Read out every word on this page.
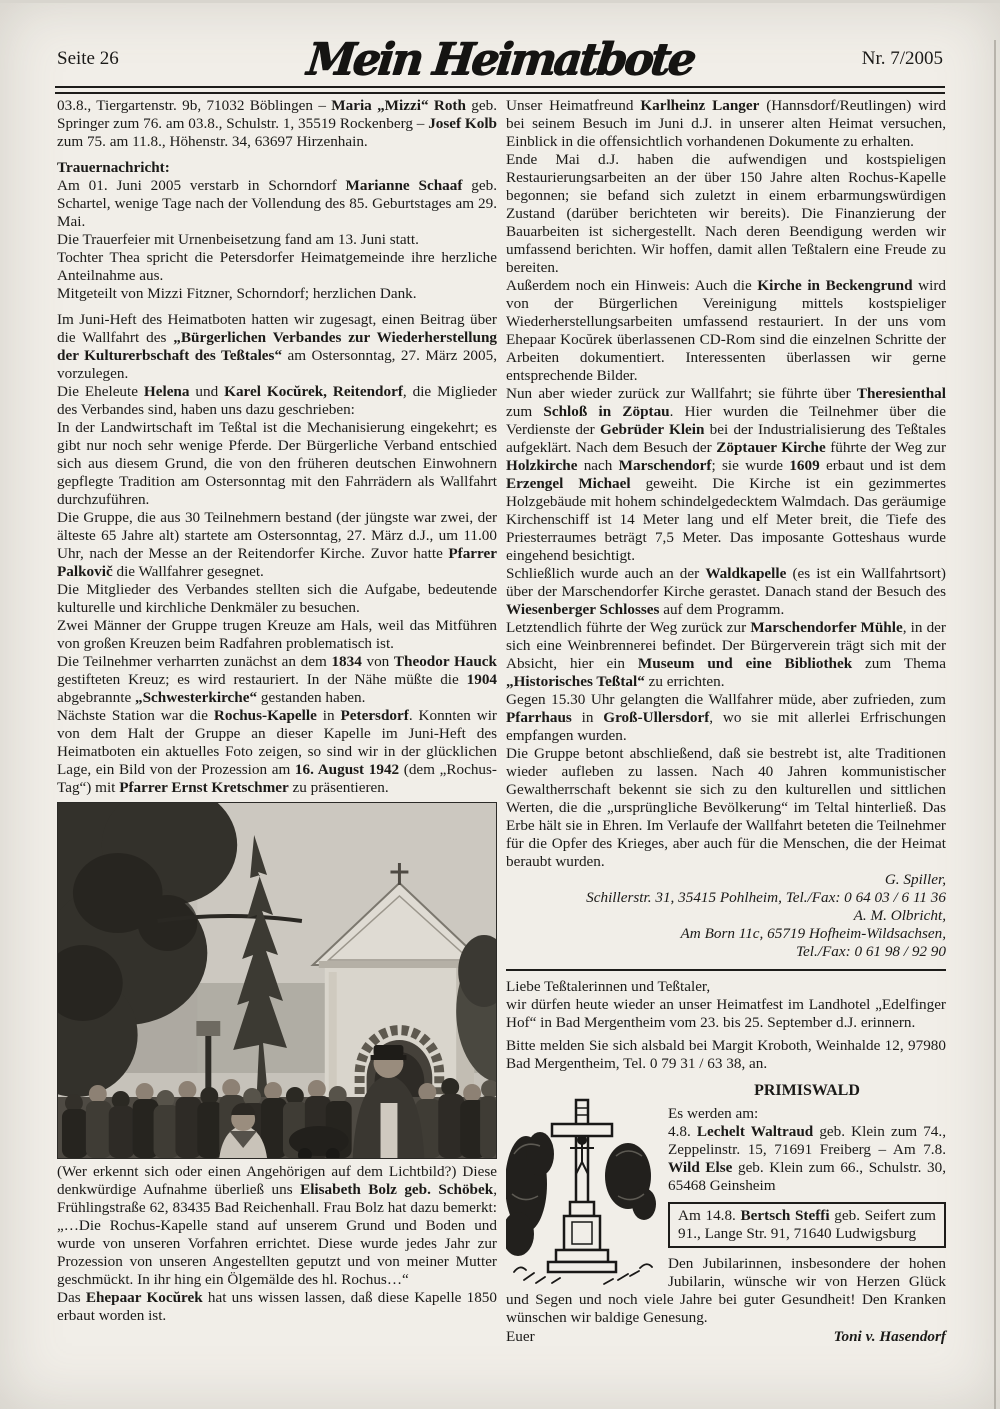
Seite 26	Mein Heimatbote	Nr. 7/2005

03.8., Tiergartenstr. 9b, 71032 Böblingen – Maria „Mizzi“ Roth geb. Springer zum 76. am 03.8., Schulstr. 1, 35519 Rockenberg – Josef Kolb zum 75. am 11.8., Höhenstr. 34, 63697 Hirzenhain.

Trauernachricht:

Am 01. Juni 2005 verstarb in Schorndorf Marianne Schaaf geb. Schartel, wenige Tage nach der Vollendung des 85. Geburtstages am 29. Mai.

Die Trauerfeier mit Urnenbeisetzung fand am 13. Juni statt.

Tochter Thea spricht die Petersdorfer Heimatgemeinde ihre herzliche Anteilnahme aus.

Mitgeteilt von Mizzi Fitzner, Schorndorf; herzlichen Dank.

Im Juni-Heft des Heimatboten hatten wir zugesagt, einen Beitrag über die Wallfahrt des „Bürgerlichen Verbandes zur Wiederherstellung der Kulturerbschaft des Teßtales“ am Ostersonntag, 27. März 2005, vorzulegen.

Die Eheleute Helena und Karel Kocŭrek, Reitendorf, die Miglieder des Verbandes sind, haben uns dazu geschrieben:

In der Landwirtschaft im Teßtal ist die Mechanisierung eingekehrt; es gibt nur noch sehr wenige Pferde. Der Bürgerliche Verband entschied sich aus diesem Grund, die von den früheren deutschen Einwohnern gepflegte Tradition am Ostersonntag mit den Fahrrädern als Wallfahrt durchzuführen.

Die Gruppe, die aus 30 Teilnehmern bestand (der jüngste war zwei, der älteste 65 Jahre alt) startete am Ostersonntag, 27. März d.J., um 11.00 Uhr, nach der Messe an der Reitendorfer Kirche. Zuvor hatte Pfarrer Palkovič die Wallfahrer gesegnet.

Die Mitglieder des Verbandes stellten sich die Aufgabe, bedeutende kulturelle und kirchliche Denkmäler zu besuchen.

Zwei Männer der Gruppe trugen Kreuze am Hals, weil das Mitführen von großen Kreuzen beim Radfahren problematisch ist.

Die Teilnehmer verharrten zunächst an dem 1834 von Theodor Hauck gestifteten Kreuz; es wird restauriert. In der Nähe müßte die 1904 abgebrannte „Schwesterkirche“ gestanden haben.

Nächste Station war die Rochus-Kapelle in Petersdorf. Konnten wir von dem Halt der Gruppe an dieser Kapelle im Juni-Heft des Heimatboten ein aktuelles Foto zeigen, so sind wir in der glücklichen Lage, ein Bild von der Prozession am 16. August 1942 (dem „Rochus-Tag“) mit Pfarrer Ernst Kretschmer zu präsentieren.

(Wer erkennt sich oder einen Angehörigen auf dem Lichtbild?) Diese denkwürdige Aufnahme überließ uns Elisabeth Bolz geb. Schöbek, Frühlingstraße 62, 83435 Bad Reichenhall. Frau Bolz hat dazu bemerkt: „…Die Rochus-Kapelle stand auf unserem Grund und Boden und wurde von unseren Vorfahren errichtet. Diese wurde jedes Jahr zur Prozession von unseren Angestellten geputzt und von meiner Mutter geschmückt. In ihr hing ein Ölgemälde des hl. Rochus…“

Das Ehepaar Kocŭrek hat uns wissen lassen, daß diese Kapelle 1850 erbaut worden ist.

Unser Heimatfreund Karlheinz Langer (Hannsdorf/Reutlingen) wird bei seinem Besuch im Juni d.J. in unserer alten Heimat versuchen, Einblick in die offensichtlich vorhandenen Dokumente zu erhalten.

Ende Mai d.J. haben die aufwendigen und kostspieligen Restaurierungsarbeiten an der über 150 Jahre alten Rochus-Kapelle begonnen; sie befand sich zuletzt in einem erbarmungswürdigen Zustand (darüber berichteten wir bereits). Die Finanzierung der Bauarbeiten ist sichergestellt. Nach deren Beendigung werden wir umfassend berichten. Wir hoffen, damit allen Teßtalern eine Freude zu bereiten.

Außerdem noch ein Hinweis: Auch die Kirche in Beckengrund wird von der Bürgerlichen Vereinigung mittels kostspieliger Wiederherstellungsarbeiten umfassend restauriert. In der uns vom Ehepaar Kocŭrek überlassenen CD-Rom sind die einzelnen Schritte der Arbeiten dokumentiert. Interessenten überlassen wir gerne entsprechende Bilder.

Nun aber wieder zurück zur Wallfahrt; sie führte über Theresienthal zum Schloß in Zöptau. Hier wurden die Teilnehmer über die Verdienste der Gebrüder Klein bei der Industrialisierung des Teßtales aufgeklärt. Nach dem Besuch der Zöptauer Kirche führte der Weg zur Holzkirche nach Marschendorf; sie wurde 1609 erbaut und ist dem Erzengel Michael geweiht. Die Kirche ist ein gezimmertes Holzgebäude mit hohem schindelgedecktem Walmdach. Das geräumige Kirchenschiff ist 14 Meter lang und elf Meter breit, die Tiefe des Priesterraumes beträgt 7,5 Meter. Das imposante Gotteshaus wurde eingehend besichtigt.

Schließlich wurde auch an der Waldkapelle (es ist ein Wallfahrtsort) über der Marschendorfer Kirche gerastet. Danach stand der Besuch des Wiesenberger Schlosses auf dem Programm.

Letztendlich führte der Weg zurück zur Marschendorfer Mühle, in der sich eine Weinbrennerei befindet. Der Bürgerverein trägt sich mit der Absicht, hier ein Museum und eine Bibliothek zum Thema „Historisches Teßtal“ zu errichten.

Gegen 15.30 Uhr gelangten die Wallfahrer müde, aber zufrieden, zum Pfarrhaus in Groß-Ullersdorf, wo sie mit allerlei Erfrischungen empfangen wurden.

Die Gruppe betont abschließend, daß sie bestrebt ist, alte Traditionen wieder aufleben zu lassen. Nach 40 Jahren kommunistischer Gewaltherrschaft bekennt sie sich zu den kulturellen und sittlichen Werten, die die „ursprüngliche Bevölkerung“ im Teltal hinterließ. Das Erbe hält sie in Ehren. Im Verlaufe der Wallfahrt beteten die Teilnehmer für die Opfer des Krieges, aber auch für die Menschen, die der Heimat beraubt wurden.

G. Spiller,

Schillerstr. 31, 35415 Pohlheim, Tel./Fax: 0 64 03 / 6 11 36

A. M. Olbricht,

Am Born 11c, 65719 Hofheim-Wildsachsen,

Tel./Fax: 0 61 98 / 92 90

Liebe Teßtalerinnen und Teßtaler,

wir dürfen heute wieder an unser Heimatfest im Landhotel „Edelfinger Hof“ in Bad Mergentheim vom 23. bis 25. September d.J. erinnern.

Bitte melden Sie sich alsbald bei Margit Kroboth, Weinhalde 12, 97980 Bad Mergentheim, Tel. 0 79 31 / 63 38, an.

PRIMISWALD

Es werden am:

4.8. Lechelt Waltraud geb. Klein zum 74., Zeppelinstr. 15, 71691 Freiberg – Am 7.8. Wild Else geb. Klein zum 66., Schulstr. 30, 65468 Geinsheim

Am 14.8. Bertsch Steffi geb. Seifert zum 91., Lange Str. 91, 71640 Ludwigsburg

Den Jubilarinnen, insbesondere der hohen Jubilarin, wünsche wir von Herzen Glück und Segen und noch viele Jahre bei guter Gesundheit! Den Kranken wünschen wir baldige Genesung.

Euer	Toni v. Hasendorf
